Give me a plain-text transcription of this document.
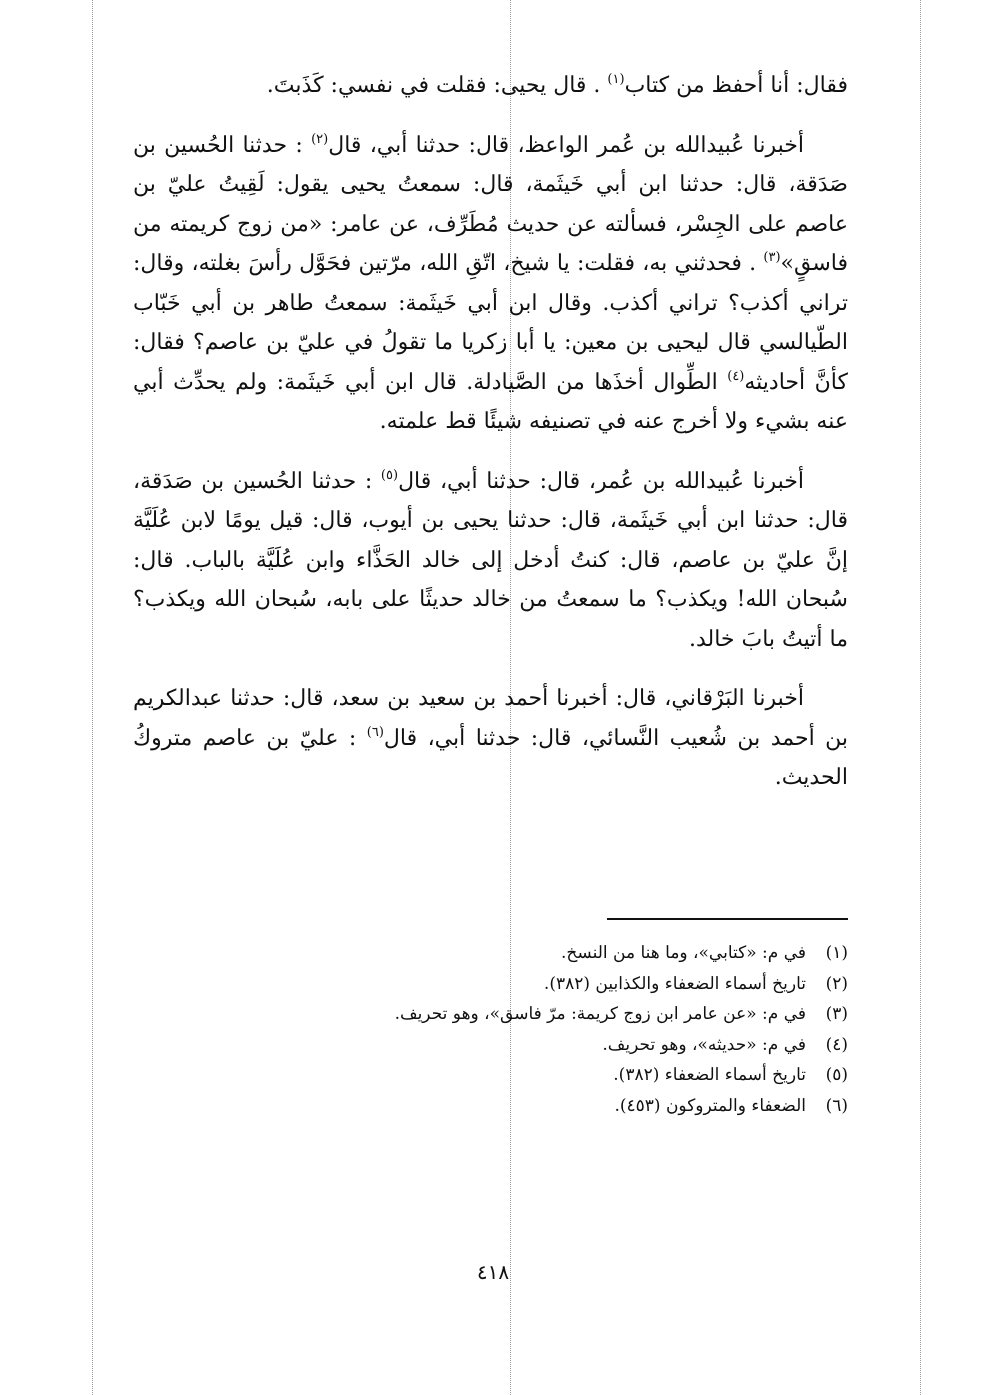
فقال: أنا أحفظ من كتاب$^{(١)}$ . قال يحيى: فقلت في نفسي: كَذَبتَ.

أخبرنا عُبيدالله بن عُمر الواعظ، قال: حدثنا أبي، قال$^{(٢)}$ : حدثنا الحُسين بن صَدَقة، قال: حدثنا ابن أبي خَيثَمة، قال: سمعتُ يحيى يقول: لَقِيتُ عليّ بن عاصم على الجِسْر، فسألته عن حديث مُطَرِّف، عن عامر: «من زوج كريمته من فاسقٍ»$^{(٣)}$ . فحدثني به، فقلت: يا شيخ، اتّقِ الله، مرّتين فحَوَّل رأسَ بغلته، وقال: تراني أكذب؟ تراني أكذب. وقال ابن أبي خَيثَمة: سمعتُ طاهر بن أبي خَبّاب الطّيالسي قال ليحيى بن معين: يا أبا زكريا ما تقولُ في عليّ بن عاصم؟ فقال: كأنَّ أحاديثه$^{(٤)}$ الطِّوال أخذَها من الصَّيادلة. قال ابن أبي خَيثَمة: ولم يحدِّث أبي عنه بشيء ولا أخرج عنه في تصنيفه شيئًا قط علمته.

أخبرنا عُبيدالله بن عُمر، قال: حدثنا أبي، قال$^{(٥)}$ : حدثنا الحُسين بن صَدَقة، قال: حدثنا ابن أبي خَيثَمة، قال: حدثنا يحيى بن أيوب، قال: قيل يومًا لابن عُلَيَّة إنَّ عليّ بن عاصم، قال: كنتُ أدخل إلى خالد الحَذَّاء وابن عُلَيَّة بالباب. قال: سُبحان الله! ويكذب؟ ما سمعتُ من خالد حديثًا على بابه، سُبحان الله ويكذب؟ ما أتيتُ بابَ خالد.

أخبرنا البَرْقاني، قال: أخبرنا أحمد بن سعيد بن سعد، قال: حدثنا عبدالكريم بن أحمد بن شُعيب النَّسائي، قال: حدثنا أبي، قال$^{(٦)}$ : عليّ بن عاصم متروكُ الحديث.

(١)في م: «كتابي»، وما هنا من النسخ.
(٢)تاريخ أسماء الضعفاء والكذابين (٣٨٢).
(٣)في م: «عن عامر ابن زوج كريمة: مرّ فاسق»، وهو تحريف.
(٤)في م: «حديثه»، وهو تحريف.
(٥)تاريخ أسماء الضعفاء (٣٨٢).
(٦)الضعفاء والمتروكون (٤٥٣).
٤١٨
